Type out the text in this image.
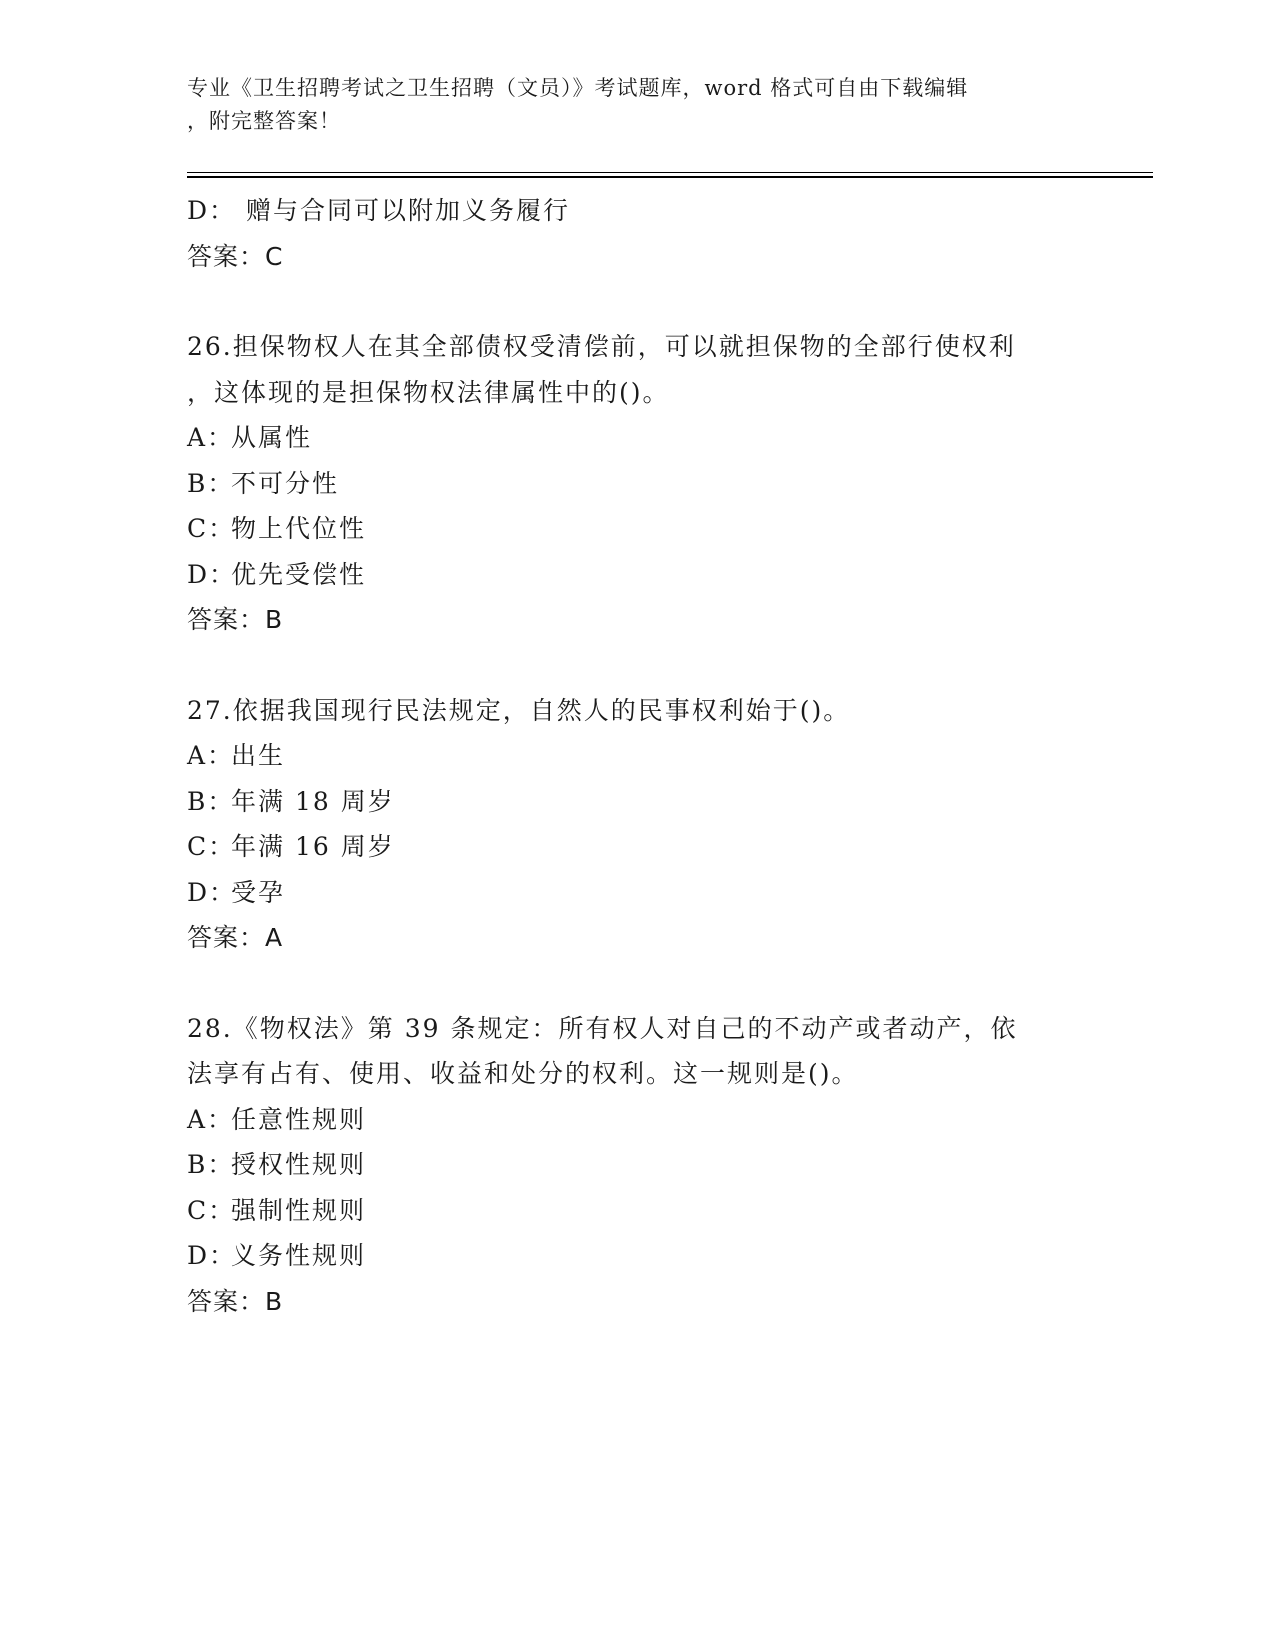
专业《卫生招聘考试之卫生招聘（文员）》考试题库，word 格式可自由下载编辑
，附完整答案！
D： 赠与合同可以附加义务履行
答案：C
26.担保物权人在其全部债权受清偿前，可以就担保物的全部行使权利
，这体现的是担保物权法律属性中的()。
A：从属性
B：不可分性
C：物上代位性
D：优先受偿性
答案：B
27.依据我国现行民法规定，自然人的民事权利始于()。
A：出生
B：年满 18 周岁
C：年满 16 周岁
D：受孕
答案：A
28.《物权法》第 39 条规定：所有权人对自己的不动产或者动产，依
法享有占有、使用、收益和处分的权利。这一规则是()。
A：任意性规则
B：授权性规则
C：强制性规则
D：义务性规则
答案：B
